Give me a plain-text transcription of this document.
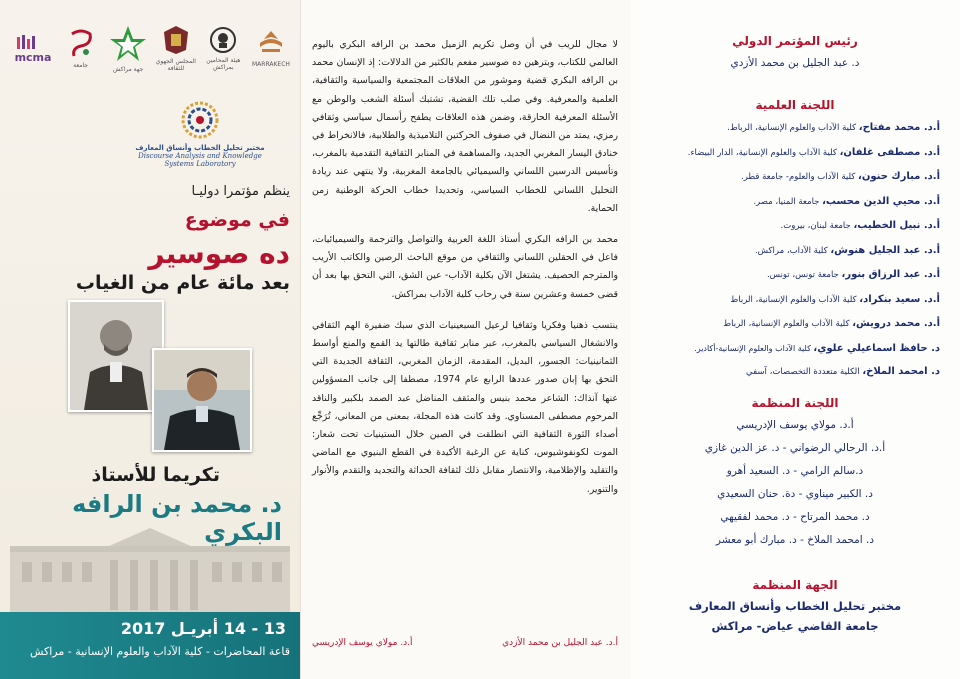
MARRAKECH
هيئة المحامين بمراكش
المجلس الجهوي للثقافة
جهة مراكش
جامعة
mcma
مختبر تحليل الخطاب وأنساق المعارف
Discourse Analysis and Knowledge
Systems Laboratory
ينظم مؤتمرا دوليـا
في موضوع
ده صوسير
بعد مائة عام من الغياب
تكريما للأستاذ
د. محمد بن الرافه البكري
13 - 14 أبريـل 2017
قاعة المحاضرات - كلية الآداب والعلوم الإنسانية - مراكش

لا مجال للريب في أن وصل تكريم الزميل محمد بن الرافه البكري باليوم العالمي للكتاب، وبترهين ده صوسير مفعم بالكثير من الدلالات: إذ الإنسان محمد بن الرافه البكري قضية وموشور من العلاقات المجتمعية والسياسية والثقافية، العلمية والمعرفية. وفي صلب تلك القضية، تشتبك أسئلة الشعب والوطن مع الأسئلة المعرفية الحارقة، وضمن هذه العلاقات يطفح رأسمال سياسي وثقافي رمزي، يمتد من النضال في صفوف الحركتين التلاميذية والطلابية، فالانخراط في خنادق اليسار المغربي الجديد، والمساهمة في المنابر الثقافية التقدمية بالمغرب، وتأسيس الدرسين اللساني والسيميائي بالجامعة المغربية، ولا ينتهي عند ريادة التحليل اللساني للخطاب السياسي، وتحديدا خطاب الحركة الوطنية زمن الحماية.

محمد بن الرافه البكري أستاذ اللغة العربية والتواصل والترجمة والسيميائيات، فاعل في الحقلين اللساني والثقافي من موقع الباحث الرصين والكاتب الأريب والمترجم الحصيف. يشتغل الآن بكلية الآداب- عين الشق، التي التحق بها بعد أن قضى خمسة وعشرين سنة في رحاب كلية الآداب بمراكش.

ينتسب ذهنيا وفكريا وثقافيا لرعيل السبعينيات الذي سبك ضفيرة الهم الثقافي والانشغال السياسي بالمغرب، عبر منابر ثقافية طالتها يد القمع والمنع أواسط الثمانينيات: الجسور، البديل، المقدمة، الزمان المغربي، الثقافة الجديدة التي التحق بها إبان صدور عددها الرابع عام 1974، مصطفا إلى جانب المسؤولين عنها آنذاك: الشاعر محمد بنيس والمثقف المناضل عبد الصمد بلكبير والناقد المرحوم مصطفى المسناوي. وقد كانت هذه المجلة، بمعنى من المعاني، تُرَجِّع أصداء الثورة الثقافية التي انطلقت في الصين خلال الستينيات تحت شعار: الموت لكونفوشيوس، كناية عن الرغبة الأكيدة في القطع البنيوي مع الماضي والتقليد والإظلامية، والانتصار مقابل ذلك لثقافة الحداثة والتجديد والتقدم والأنوار والتنوير.

أ.د. عبد الجليل بن محمد الأزدي
أ.د. مولاي يوسف الإدريسي
رئيس المؤتمر الدولي
د. عبد الجليل بن محمد الأزدي
اللجنة العلمية
أ.د. محمد مفتاح، كلية الآداب والعلوم الإنسانية، الرباط.
أ.د. مصطفى غلفان، كلية الآداب والعلوم الإنسانية، الدار البيضاء.
أ.د. مبارك حنون، كلية الآداب والعلوم- جامعة قطر.
أ.د. محيي الدين محسب، جامعة المنيا، مصر.
أ.د. نبيل الخطيب، جامعة لبنان، بيروت.
أ.د. عبد الجليل هنوش، كلية الآداب، مراكش.
أ.د. عبد الرزاق بنور، جامعة تونس، تونس.
أ.د. سعيد بنكراد، كلية الآداب والعلوم الإنسانية، الرباط
أ.د. محمد درويش، كلية الآداب والعلوم الإنسانية، الرباط
د. حافظ اسماعيلي علوي، كلية الآداب والعلوم الإنسانية-أكادير.
د. امحمد الملاخ، الكلية متعددة التخصصات، آسفي
اللجنة المنظمة
أ.د. مولاي يوسف الإدريسي
أ.د. الرحالي الرضواني - د. عز الدين غازي
د.سالم الرامي - د. السعيد أهرو
د. الكبير ميناوي - دة. حنان السعيدي
د. محمد المرتاح - د. محمد لفقيهي
د. امحمد الملاخ - د. مبارك أبو معشر
الجهة المنظمة
مختبر تحليل الخطاب وأنساق المعارف
جامعة القاضي عياض- مراكش
